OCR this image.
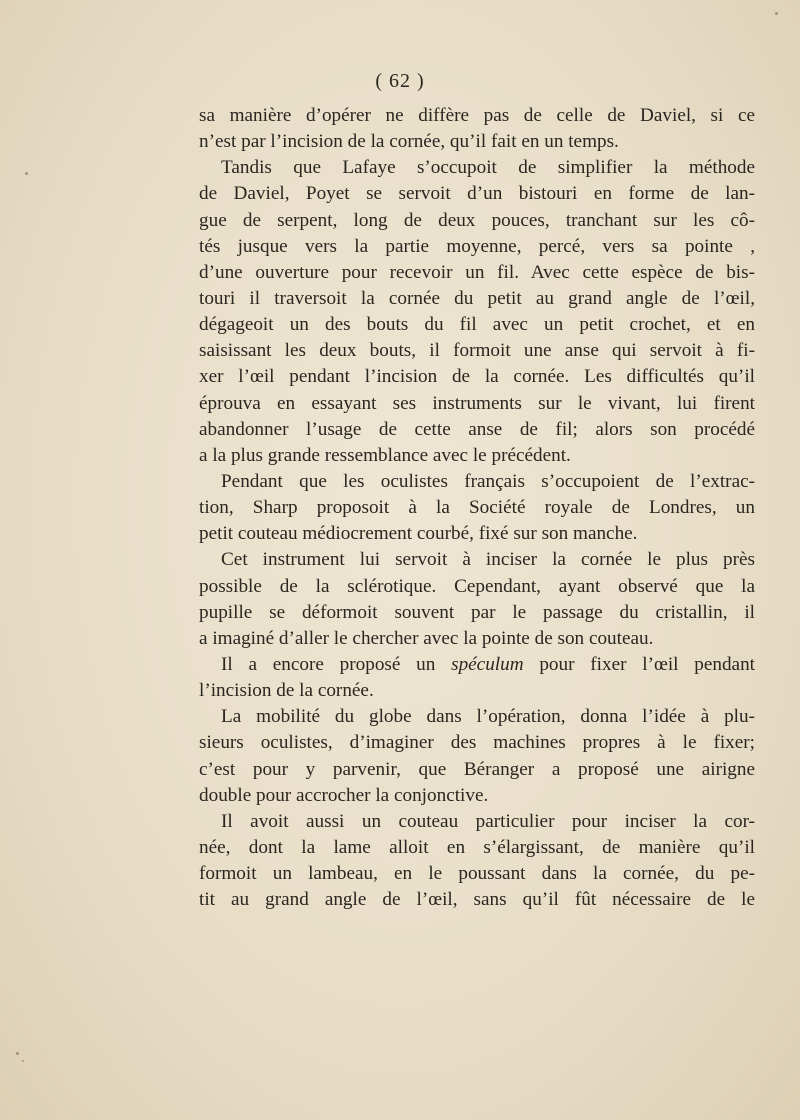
( 62 )
sa manière d’opérer ne diffère pas de celle de Daviel, si ce
n’est par l’incision de la cornée, qu’il fait en un temps.
Tandis que Lafaye s’occupoit de simplifier la méthode
de Daviel, Poyet se servoit d’un bistouri en forme de lan-
gue de serpent, long de deux pouces, tranchant sur les cô-
tés jusque vers la partie moyenne, percé, vers sa pointe ,
d’une ouverture pour recevoir un fil. Avec cette espèce de bis-
touri il traversoit la cornée du petit au grand angle de l’œil,
dégageoit un des bouts du fil avec un petit crochet, et en
saisissant les deux bouts, il formoit une anse qui servoit à fi-
xer l’œil pendant l’incision de la cornée. Les difficultés qu’il
éprouva en essayant ses instruments sur le vivant, lui firent
abandonner l’usage de cette anse de fil; alors son procédé
a la plus grande ressemblance avec le précédent.
Pendant que les oculistes français s’occupoient de l’extrac-
tion, Sharp proposoit à la Société royale de Londres, un
petit couteau médiocrement courbé, fixé sur son manche.
Cet instrument lui servoit à inciser la cornée le plus près
possible de la sclérotique. Cependant, ayant observé que la
pupille se déformoit souvent par le passage du cristallin, il
a imaginé d’aller le chercher avec la pointe de son couteau.
Il a encore proposé un spéculum pour fixer l’œil pendant
l’incision de la cornée.
La mobilité du globe dans l’opération, donna l’idée à plu-
sieurs oculistes, d’imaginer des machines propres à le fixer;
c’est pour y parvenir, que Béranger a proposé une airigne
double pour accrocher la conjonctive.
Il avoit aussi un couteau particulier pour inciser la cor-
née, dont la lame alloit en s’élargissant, de manière qu’il
formoit un lambeau, en le poussant dans la cornée, du pe-
tit au grand angle de l’œil, sans qu’il fût nécessaire de le
